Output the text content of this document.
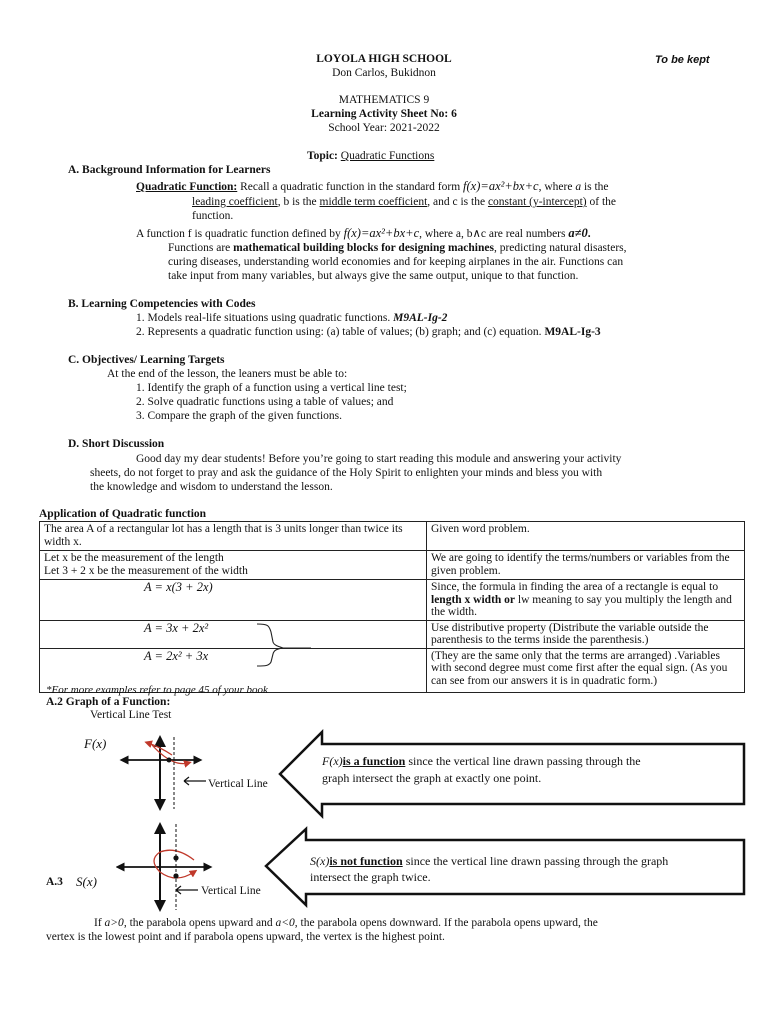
LOYOLA HIGH SCHOOL
Don Carlos, Bukidnon
To be kept
MATHEMATICS 9
Learning Activity Sheet No: 6
School Year: 2021-2022
Topic: Quadratic Functions
A. Background Information for Learners
Quadratic Function: Recall a quadratic function in the standard form f(x)=ax²+bx+c, where a is the
leading coefficient, b is the middle term coefficient, and c is the constant (y-intercept) of the
function.
A function f is quadratic function defined by f(x)=ax²+bx+c, where a, b∧c are real numbers a≠0.
Functions are mathematical building blocks for designing machines, predicting natural disasters,
curing diseases, understanding world economies and for keeping airplanes in the air. Functions can
take input from many variables, but always give the same output, unique to that function.
B. Learning Competencies with Codes
1. Models real-life situations using quadratic functions. M9AL-Ig-2
2. Represents a quadratic function using: (a) table of values; (b) graph; and (c) equation. M9AL-Ig-3
C. Objectives/ Learning Targets
At the end of the lesson, the leaners must be able to:
1. Identify the graph of a function using a vertical line test;
2. Solve quadratic functions using a table of values; and
3. Compare the graph of the given functions.
D. Short Discussion
Good day my dear students! Before you’re going to start reading this module and answering your activity
sheets, do not forget to pray and ask the guidance of the Holy Spirit to enlighten your minds and bless you with
the knowledge and wisdom to understand the lesson.
Application of Quadratic function
The area A of a rectangular lot has a length that is 3 units longer than twice its width x.	Given word problem.

Let x be the measurement of the length
Let 3 + 2 x be the measurement of the width	We are going to identify the terms/numbers or variables from the given problem.
A = x(3 + 2x)	Since, the formula in finding the area of a rectangle is equal to length x width or lw meaning to say you multiply the length and the width.
A = 3x + 2x²	Use distributive property (Distribute the variable outside the parenthesis to the terms inside the parenthesis.)
A = 2x² + 3x	(They are the same only that the terms are arranged) .Variables with second degree must come first after the equal sign. (As you can see from our answers it is in quadratic form.)
*For more examples refer to page 45 of your book
A.2 Graph of a Function:
Vertical Line Test
F(x)
Vertical Line
F(x)is a function since the vertical line drawn passing through the
graph intersect the graph at exactly one point.
Vertical Line
A.3 S(x)
S(x)is not function since the vertical line drawn passing through the graph
intersect the graph twice.
If a>0, the parabola opens upward and a<0, the parabola opens downward. If the parabola opens upward, the
vertex is the lowest point and if parabola opens upward, the vertex is the highest point.
